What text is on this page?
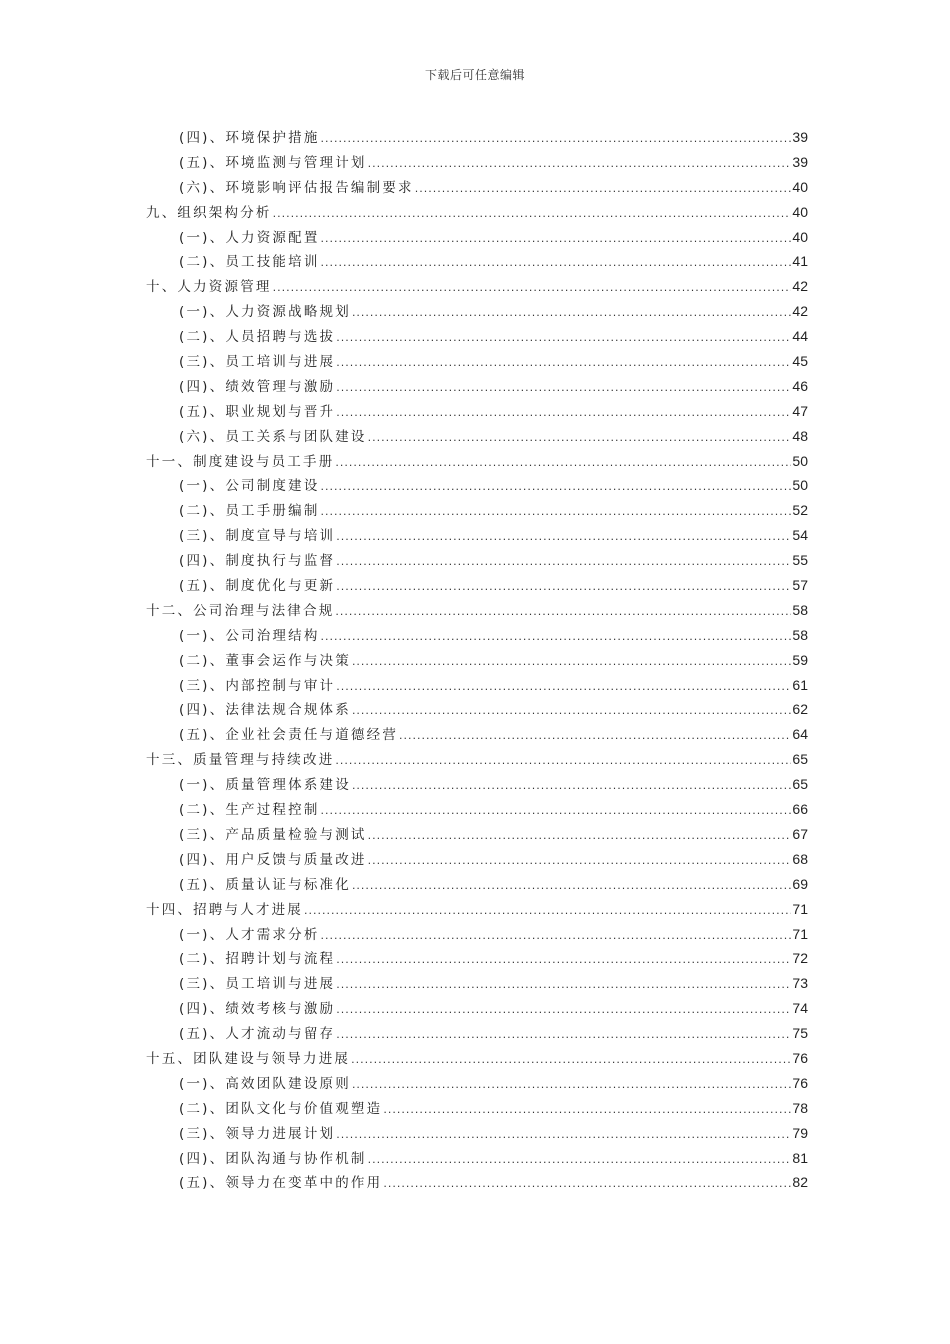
下载后可任意编辑
(四)、环境保护措施 .....	39
(五)、环境监测与管理计划 .....	39
(六)、环境影响评估报告编制要求 .....	40
九、组织架构分析 .....	40
(一)、人力资源配置 .....	40
(二)、员工技能培训 .....	41
十、人力资源管理 .....	42
(一)、人力资源战略规划 .....	42
(二)、人员招聘与选拔 .....	44
(三)、员工培训与进展 .....	45
(四)、绩效管理与激励 .....	46
(五)、职业规划与晋升 .....	47
(六)、员工关系与团队建设 .....	48
十一、制度建设与员工手册 .....	50
(一)、公司制度建设 .....	50
(二)、员工手册编制 .....	52
(三)、制度宣导与培训 .....	54
(四)、制度执行与监督 .....	55
(五)、制度优化与更新 .....	57
十二、公司治理与法律合规 .....	58
(一)、公司治理结构 .....	58
(二)、董事会运作与决策 .....	59
(三)、内部控制与审计 .....	61
(四)、法律法规合规体系 .....	62
(五)、企业社会责任与道德经营 .....	64
十三、质量管理与持续改进 .....	65
(一)、质量管理体系建设 .....	65
(二)、生产过程控制 .....	66
(三)、产品质量检验与测试 .....	67
(四)、用户反馈与质量改进 .....	68
(五)、质量认证与标准化 .....	69
十四、招聘与人才进展 .....	71
(一)、人才需求分析 .....	71
(二)、招聘计划与流程 .....	72
(三)、员工培训与进展 .....	73
(四)、绩效考核与激励 .....	74
(五)、人才流动与留存 .....	75
十五、团队建设与领导力进展 .....	76
(一)、高效团队建设原则 .....	76
(二)、团队文化与价值观塑造 .....	78
(三)、领导力进展计划 .....	79
(四)、团队沟通与协作机制 .....	81
(五)、领导力在变革中的作用 .....	82
